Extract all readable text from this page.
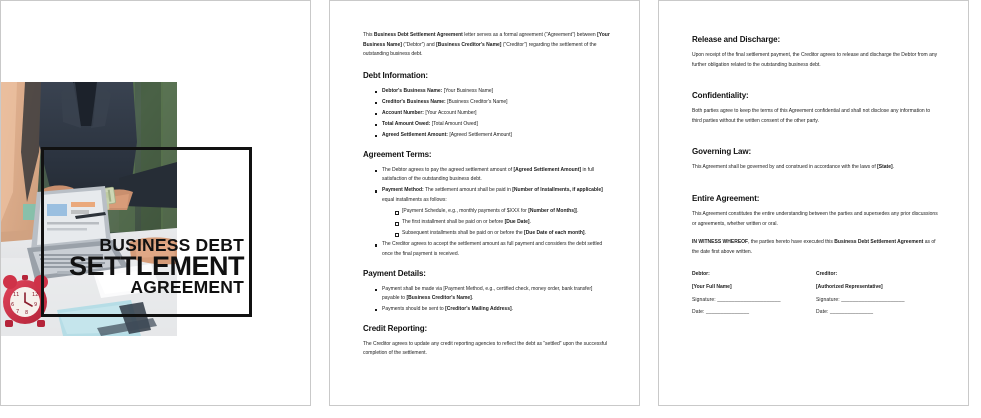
12
9
8
7
6
11
BUSINESS DEBT
SETTLEMENT
AGREEMENT

This Business Debt Settlement Agreement letter serves as a formal agreement (“Agreement”) between [Your Business Name] (“Debtor”) and [Business Creditor's Name] (“Creditor”) regarding the settlement of the outstanding business debt.

Debt Information:
Debtor's Business Name: [Your Business Name]
Creditor's Business Name: [Business Creditor's Name]
Account Number: [Your Account Number]
Total Amount Owed: [Total Amount Owed]
Agreed Settlement Amount: [Agreed Settlement Amount]
Agreement Terms:
The Debtor agrees to pay the agreed settlement amount of [Agreed Settlement Amount] in full satisfaction of the outstanding business debt.
Payment Method: The settlement amount shall be paid in [Number of Installments, if applicable] equal installments as follows:
[Payment Schedule, e.g., monthly payments of $XXX for [Number of Months]].
The first installment shall be paid on or before [Due Date].
Subsequent installments shall be paid on or before the [Due Date of each month].
The Creditor agrees to accept the settlement amount as full payment and considers the debt settled once the final payment is received.
Payment Details:
Payment shall be made via [Payment Method, e.g., certified check, money order, bank transfer] payable to [Business Creditor's Name].
Payments should be sent to [Creditor's Mailing Address].
Credit Reporting:

The Creditor agrees to update any credit reporting agencies to reflect the debt as “settled” upon the successful completion of the settlement.

Release and Discharge:

Upon receipt of the final settlement payment, the Creditor agrees to release and discharge the Debtor from any further obligation related to the outstanding business debt.

Confidentiality:

Both parties agree to keep the terms of this Agreement confidential and shall not disclose any information to third parties without the written consent of the other party.

Governing Law:

This Agreement shall be governed by and construed in accordance with the laws of [State].

Entire Agreement:

This Agreement constitutes the entire understanding between the parties and supersedes any prior discussions or agreements, whether written or oral.

IN WITNESS WHEREOF, the parties hereto have executed this Business Debt Settlement Agreement as of the date first above written.

Debtor:

[Your Full Name]

Signature: ______________________

Date: _______________

Creditor:

[Authorized Representative]

Signature: ______________________

Date: _______________
